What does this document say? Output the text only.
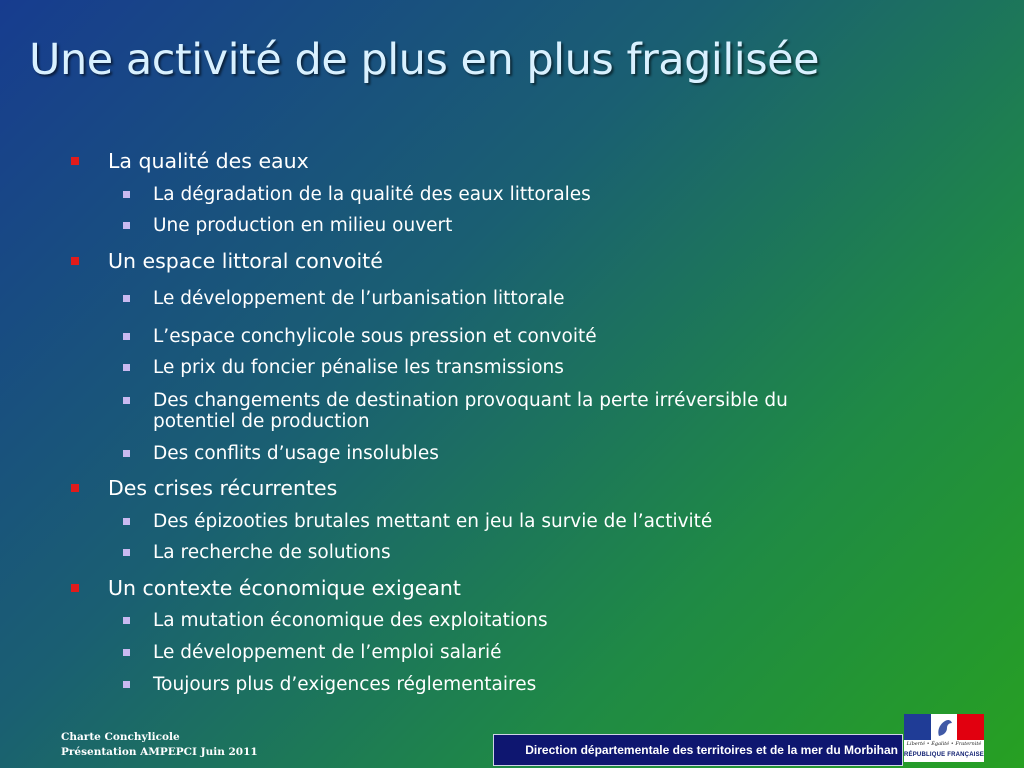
Une activité de plus en plus fragilisée
La qualité des eaux
La dégradation de la qualité des eaux littorales
Une production en milieu ouvert
Un espace littoral convoité
Le développement de l’urbanisation littorale
L’espace conchylicole sous pression et convoité
Le prix du foncier pénalise les transmissions
Des changements de destination provoquant la perte irréversible du potentiel de production
Des conflits d’usage insolubles
Des crises récurrentes
Des épizooties brutales mettant en jeu la survie de l’activité
La recherche de solutions
Un contexte économique exigeant
La mutation économique des exploitations
Le développement de l’emploi salarié
Toujours plus d’exigences réglementaires
Charte Conchylicole
Présentation AMPEPCI Juin 2011	Direction départementale des territoires et de la mer du Morbihan	Liberté • Égalité • Fraternité
RÉPUBLIQUE FRANÇAISE
